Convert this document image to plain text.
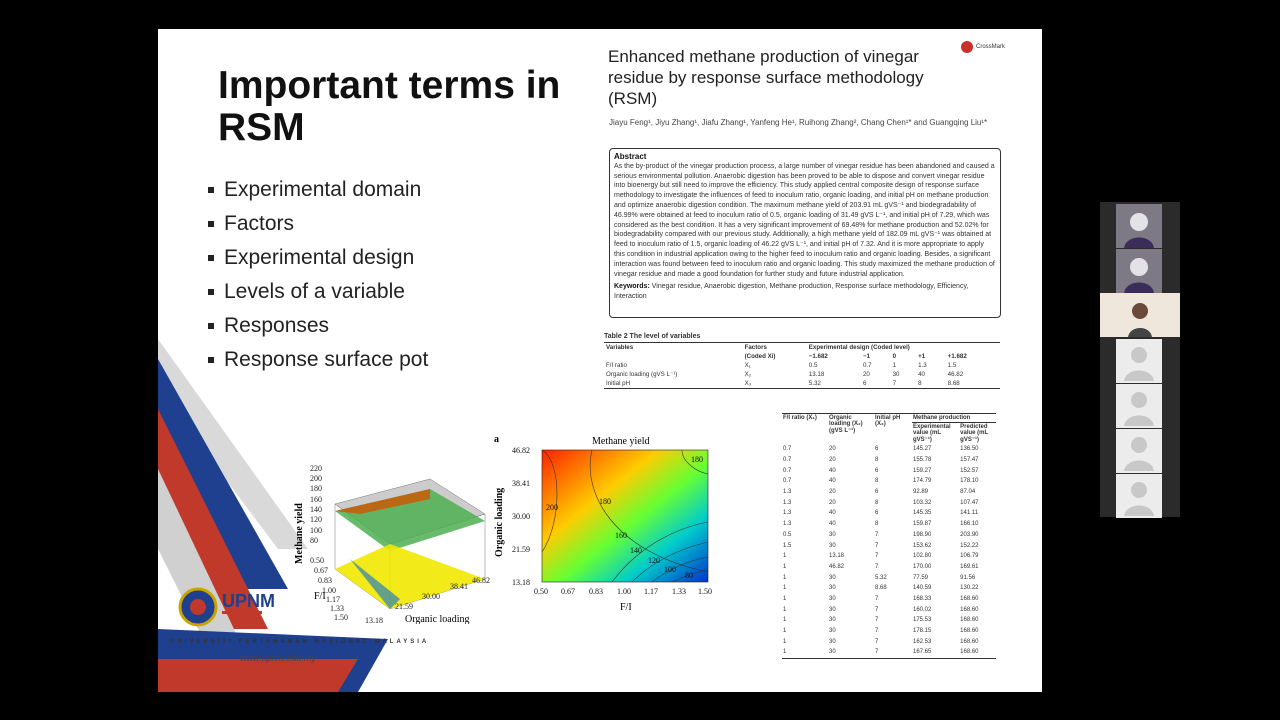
Important terms in
RSM
Experimental domain
Factors
Experimental design
Levels of a variable
Responses
Response surface pot
Enhanced methane production of vinegar residue by response surface methodology (RSM)
CrossMark
Jiayu Feng¹, Jiyu Zhang¹, Jiafu Zhang¹, Yanfeng He¹, Ruihong Zhang², Chang Chen¹* and Guangqing Liu¹*
Abstract
As the by-product of the vinegar production process, a large number of vinegar residue has been abandoned and caused a serious environmental pollution. Anaerobic digestion has been proved to be able to dispose and convert vinegar residue into bioenergy but still need to improve the efficiency. This study applied central composite design of response surface methodology to investigate the influences of feed to inoculum ratio, organic loading, and initial pH on methane production and optimize anaerobic digestion condition. The maximum methane yield of 203.91 mL gVS⁻¹ and biodegradability of 46.99% were obtained at feed to inoculum ratio of 0.5, organic loading of 31.49 gVS L⁻¹, and initial pH of 7.29, which was considered as the best condition. It has a very significant improvement of 69.48% for methane production and 52.02% for biodegradability compared with our previous study. Additionally, a high methane yield of 182.09 mL gVS⁻¹ was obtained at feed to inoculum ratio of 1.5, organic loading of 46.22 gVS L⁻¹, and initial pH of 7.32. And it is more appropriate to apply this condition in industrial application owing to the higher feed to inoculum ratio and organic loading. Besides, a significant interaction was found between feed to inoculum ratio and organic loading. This study maximized the methane production of vinegar residue and made a good foundation for further study and future industrial application.
Keywords: Vinegar residue, Anaerobic digestion, Methane production, Response surface methodology, Efficiency, Interaction
Table 2 The level of variables
Variables	Factors	Experimental design (Coded level)				
	(Coded Xi)	−1.682	−1	0	+1	+1.682
F/I ratio	X₁	0.5	0.7	1	1.3	1.5
Organic loading (gVS L⁻¹)	X₂	13.18	20	30	40	46.82
Initial pH	X₃	5.32	6	7	8	8.68
F/I ratio (X₁)	Organic loading (X₂) (gVS L⁻¹)	Initial pH (X₃)	Methane production	
			Experimental value (mL gVS⁻¹)	Predicted value (mL gVS⁻¹)
0.7	20	6	145.27	136.50
0.7	20	8	155.78	157.47
0.7	40	6	159.27	152.57
0.7	40	8	174.79	178.10
1.3	20	6	92.89	87.04
1.3	20	8	103.32	107.47
1.3	40	6	145.35	141.11
1.3	40	8	159.87	166.10
0.5	30	7	198.90	203.90
1.5	30	7	153.62	152.22
1	13.18	7	102.80	106.79
1	46.82	7	170.00	169.61
1	30	5.32	77.59	91.56
1	30	8.68	140.59	130.22
1	30	7	168.33	168.60
1	30	7	160.02	168.60
1	30	7	175.53	168.60
1	30	7	178.15	168.60
1	30	7	162.53	168.60
1	30	7	167.65	168.60
Methane yield
220
200
180
160
140
120
100
80
0.50
0.67
0.83
1.00
1.17
1.33
1.50 13.18
21.59
30.00
38.41
46.82
F/I
Organic loading
a	Methane yield
200
180
180
160
140
120
100
80
46.82
38.41
30.00
21.59
13.18
0.50 0.67 0.83 1.00 1.17 1.33 1.50
F/I
Organic loading
UPNM
UNIVERSITI PERTAHANAN NASIONAL MALAYSIA
www.upnm.edu.my
